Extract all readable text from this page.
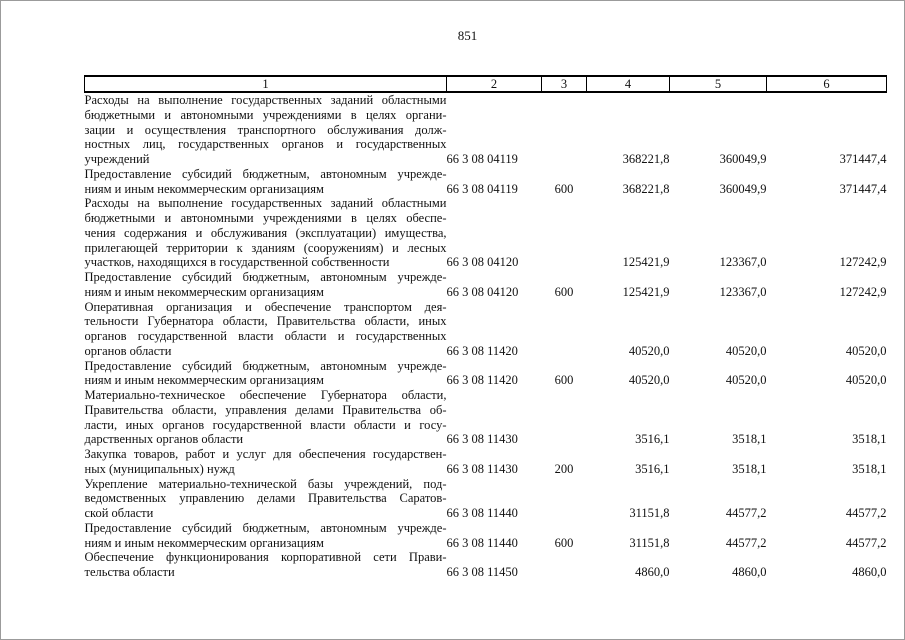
851
1	2	3	4	5	6

Расходы на выполнение государственных заданий областными
бюджетными и автономными учреждениями в целях органи-
зации и осуществления транспортного обслуживания долж-
ностных лиц, государственных органов и государственных
учреждений	66 3 08 04119		368221,8	360049,9	371447,4

Предоставление субсидий бюджетным, автономным учрежде-
ниям и иным некоммерческим организациям	66 3 08 04119	600	368221,8	360049,9	371447,4

Расходы на выполнение государственных заданий областными
бюджетными и автономными учреждениями в целях обеспе-
чения содержания и обслуживания (эксплуатации) имущества,
прилегающей территории к зданиям (сооружениям) и лесных
участков, находящихся в государственной собственности	66 3 08 04120		125421,9	123367,0	127242,9

Предоставление субсидий бюджетным, автономным учрежде-
ниям и иным некоммерческим организациям	66 3 08 04120	600	125421,9	123367,0	127242,9

Оперативная организация и обеспечение транспортом дея-
тельности Губернатора области, Правительства области, иных
органов государственной власти области и государственных
органов области	66 3 08 11420		40520,0	40520,0	40520,0

Предоставление субсидий бюджетным, автономным учрежде-
ниям и иным некоммерческим организациям	66 3 08 11420	600	40520,0	40520,0	40520,0

Материально-техническое обеспечение Губернатора области,
Правительства области, управления делами Правительства об-
ласти, иных органов государственной власти области и госу-
дарственных органов области	66 3 08 11430		3516,1	3518,1	3518,1

Закупка товаров, работ и услуг для обеспечения государствен-
ных (муниципальных) нужд	66 3 08 11430	200	3516,1	3518,1	3518,1

Укрепление материально-технической базы учреждений, под-
ведомственных управлению делами Правительства Саратов-
ской области	66 3 08 11440		31151,8	44577,2	44577,2

Предоставление субсидий бюджетным, автономным учрежде-
ниям и иным некоммерческим организациям	66 3 08 11440	600	31151,8	44577,2	44577,2

Обеспечение функционирования корпоративной сети Прави-
тельства области	66 3 08 11450		4860,0	4860,0	4860,0
